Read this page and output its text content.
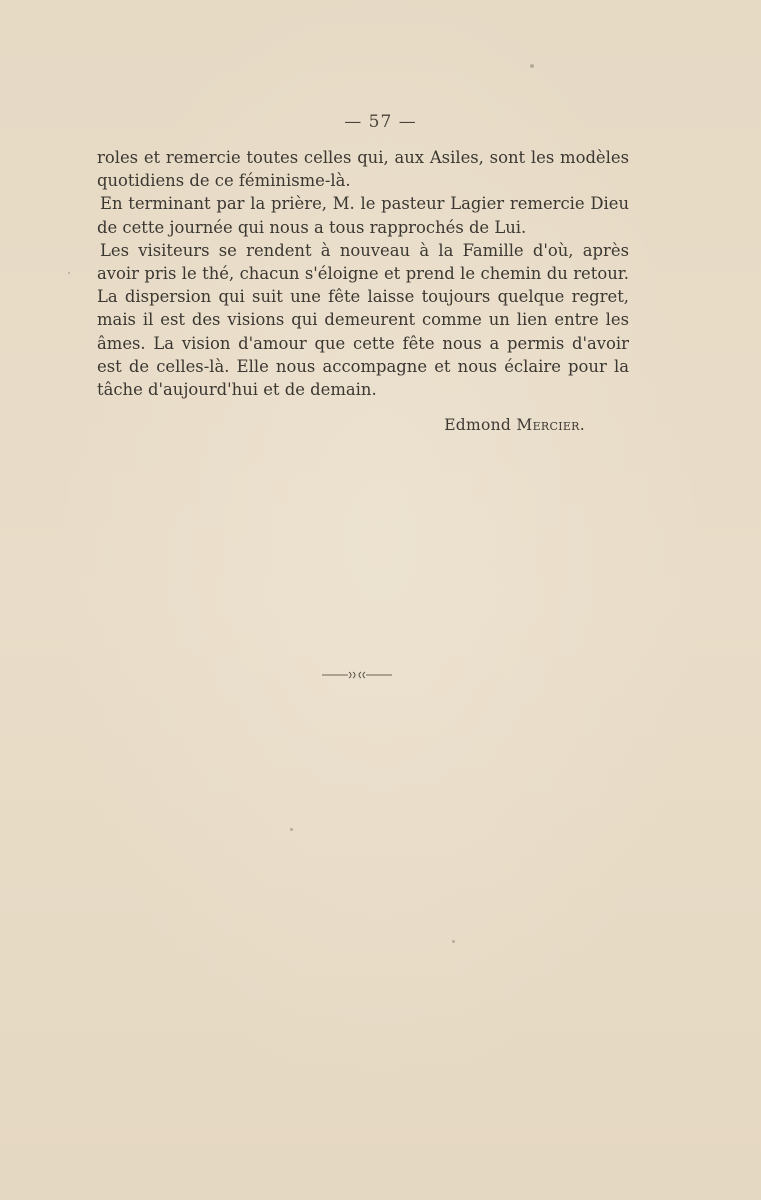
— 57 —

roles et remercie toutes celles qui, aux Asiles, sont les modèles quotidiens de ce féminisme-là.

En terminant par la prière, M. le pasteur Lagier remercie Dieu de cette journée qui nous a tous rapprochés de Lui.

Les visiteurs se rendent à nouveau à la Famille d'où, après avoir pris le thé, chacun s'éloigne et prend le chemin du retour. La dispersion qui suit une fête laisse toujours quelque regret, mais il est des visions qui demeurent comme un lien entre les âmes. La vision d'amour que cette fête nous a permis d'avoir est de celles-là. Elle nous accompagne et nous éclaire pour la tâche d'aujourd'hui et de demain.

Edmond Mercier.
